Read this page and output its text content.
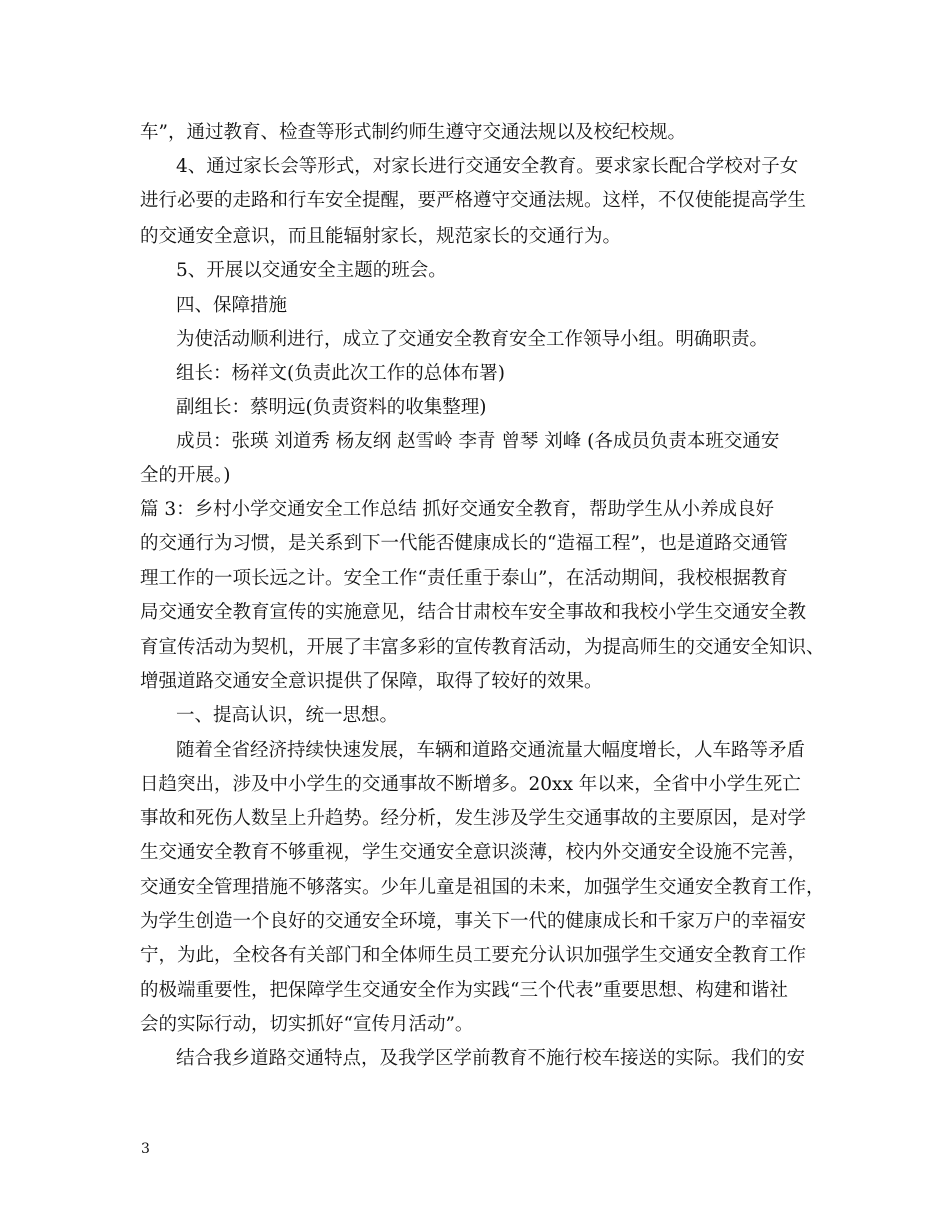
车”，通过教育、检查等形式制约师生遵守交通法规以及校纪校规。
4、通过家长会等形式，对家长进行交通安全教育。要求家长配合学校对子女
进行必要的走路和行车安全提醒，要严格遵守交通法规。这样，不仅使能提高学生
的交通安全意识，而且能辐射家长，规范家长的交通行为。
5、开展以交通安全主题的班会。
四、保障措施
为使活动顺利进行，成立了交通安全教育安全工作领导小组。明确职责。
组长：杨祥文(负责此次工作的总体布署)
副组长：蔡明远(负责资料的收集整理)
成员：张瑛 刘道秀 杨友纲 赵雪岭 李青 曾琴 刘峰 (各成员负责本班交通安
全的开展。)
篇 3：乡村小学交通安全工作总结 抓好交通安全教育，帮助学生从小养成良好
的交通行为习惯，是关系到下一代能否健康成长的“造福工程”，也是道路交通管
理工作的一项长远之计。安全工作“责任重于泰山”，在活动期间，我校根据教育
局交通安全教育宣传的实施意见，结合甘肃校车安全事故和我校小学生交通安全教
育宣传活动为契机，开展了丰富多彩的宣传教育活动，为提高师生的交通安全知识、
增强道路交通安全意识提供了保障，取得了较好的效果。
一、提高认识，统一思想。
随着全省经济持续快速发展，车辆和道路交通流量大幅度增长，人车路等矛盾
日趋突出，涉及中小学生的交通事故不断增多。20xx 年以来，全省中小学生死亡
事故和死伤人数呈上升趋势。经分析，发生涉及学生交通事故的主要原因，是对学
生交通安全教育不够重视，学生交通安全意识淡薄，校内外交通安全设施不完善，
交通安全管理措施不够落实。少年儿童是祖国的未来，加强学生交通安全教育工作，
为学生创造一个良好的交通安全环境，事关下一代的健康成长和千家万户的幸福安
宁，为此，全校各有关部门和全体师生员工要充分认识加强学生交通安全教育工作
的极端重要性，把保障学生交通安全作为实践“三个代表”重要思想、构建和谐社
会的实际行动，切实抓好“宣传月活动”。
结合我乡道路交通特点，及我学区学前教育不施行校车接送的实际。我们的安
3
